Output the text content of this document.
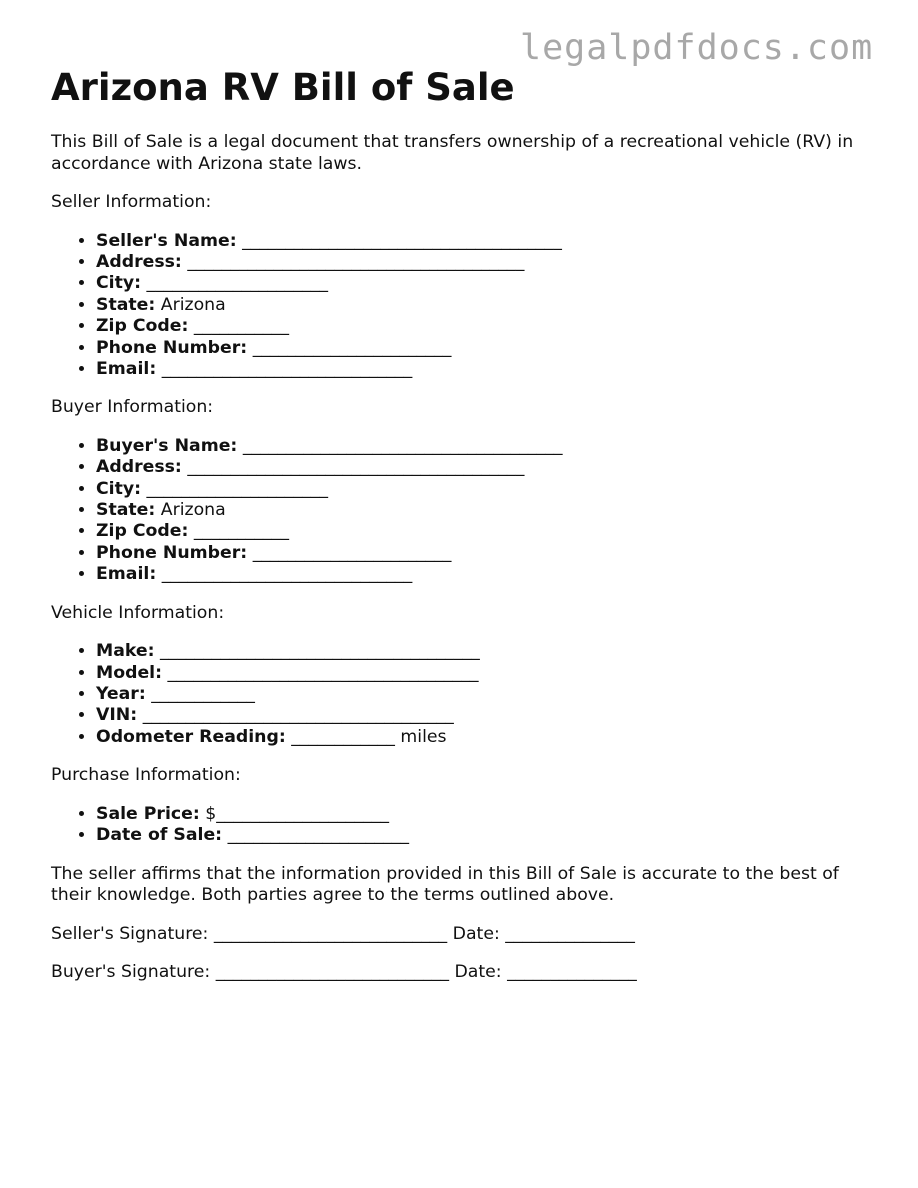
legalpdfdocs.com
Arizona RV Bill of Sale

This Bill of Sale is a legal document that transfers ownership of a recreational vehicle (RV) in accordance with Arizona state laws.

Seller Information:

• Seller's Name: _____________________________________
• Address: _______________________________________
• City: _____________________
• State: Arizona
• Zip Code: ___________
• Phone Number: _______________________
• Email: _____________________________

Buyer Information:

• Buyer's Name: _____________________________________
• Address: _______________________________________
• City: _____________________
• State: Arizona
• Zip Code: ___________
• Phone Number: _______________________
• Email: _____________________________

Vehicle Information:

• Make: _____________________________________
• Model: ____________________________________
• Year: ____________
• VIN: ____________________________________
• Odometer Reading: ____________ miles

Purchase Information:

• Sale Price: $____________________
• Date of Sale: _____________________

The seller affirms that the information provided in this Bill of Sale is accurate to the best of their knowledge. Both parties agree to the terms outlined above.

Seller's Signature: ___________________________ Date: _______________

Buyer's Signature: ___________________________ Date: _______________
